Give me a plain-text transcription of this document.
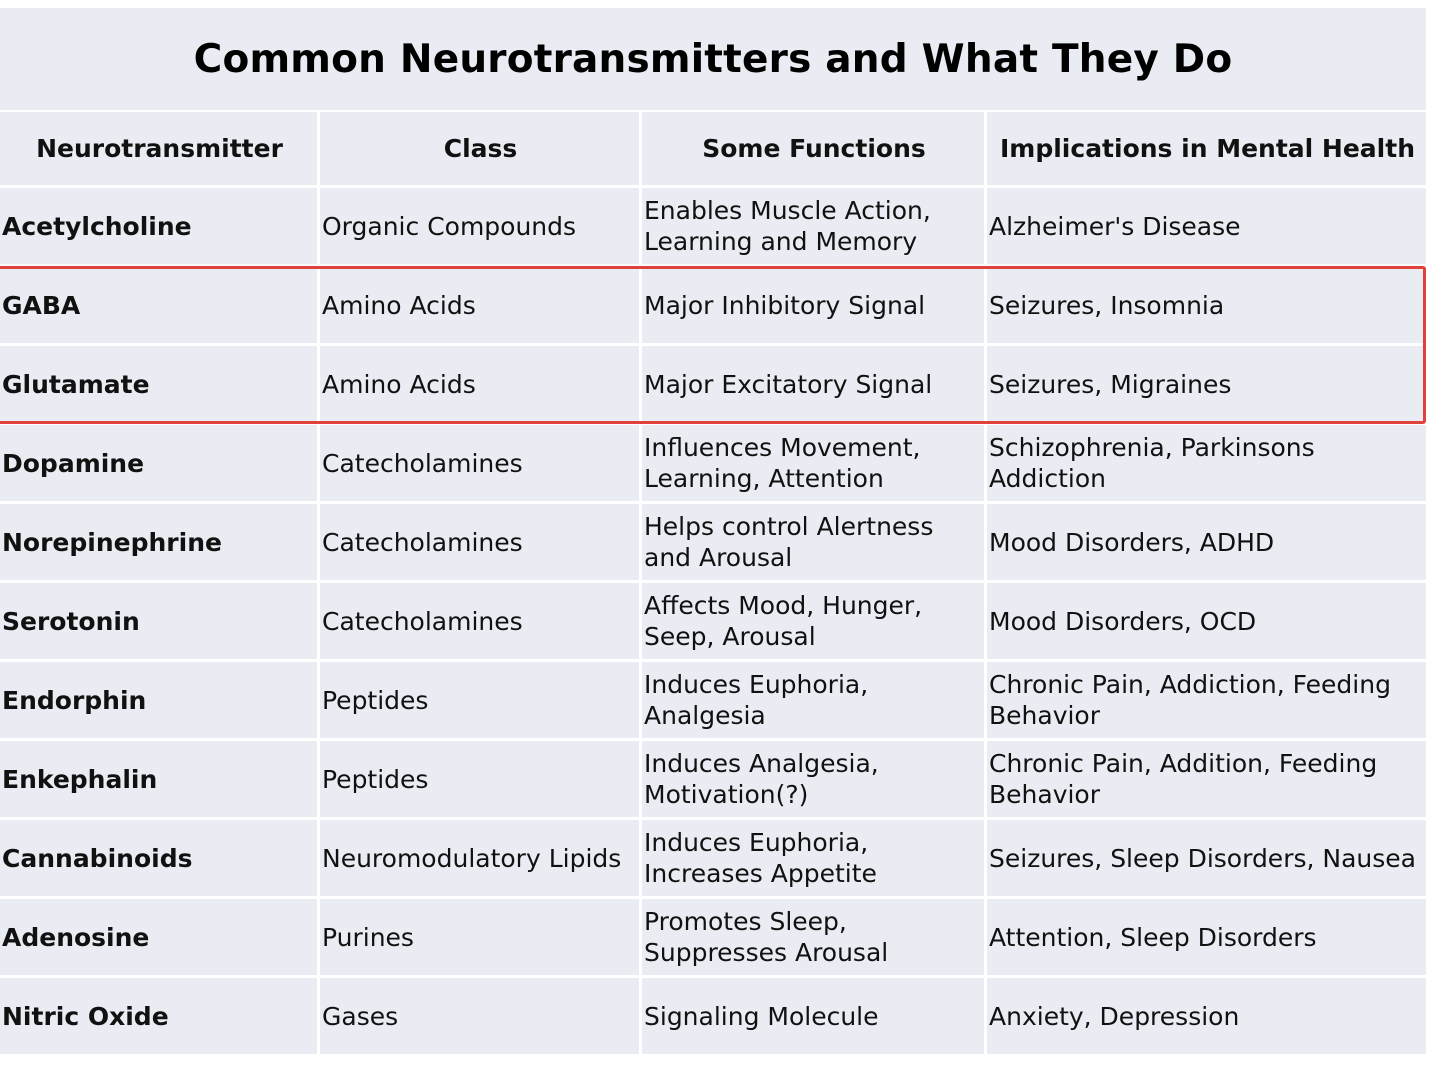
Common Neurotransmitters and What They Do
Neurotransmitter	Class	Some Functions	Implications in Mental Health
Acetylcholine	Organic Compounds	Enables Muscle Action, Learning and Memory	Alzheimer's Disease
GABA	Amino Acids	Major Inhibitory Signal	Seizures, Insomnia
Glutamate	Amino Acids	Major Excitatory Signal	Seizures, Migraines
Dopamine	Catecholamines	Influences Movement, Learning, Attention	Schizophrenia, Parkinsons Addiction
Norepinephrine	Catecholamines	Helps control Alertness and Arousal	Mood Disorders, ADHD
Serotonin	Catecholamines	Affects Mood, Hunger, Seep, Arousal	Mood Disorders, OCD
Endorphin	Peptides	Induces Euphoria, Analgesia	Chronic Pain, Addiction, Feeding Behavior
Enkephalin	Peptides	Induces Analgesia, Motivation(?)	Chronic Pain, Addition, Feeding Behavior
Cannabinoids	Neuromodulatory Lipids	Induces Euphoria, Increases Appetite	Seizures, Sleep Disorders, Nausea
Adenosine	Purines	Promotes Sleep, Suppresses Arousal	Attention, Sleep Disorders
Nitric Oxide	Gases	Signaling Molecule	Anxiety, Depression
